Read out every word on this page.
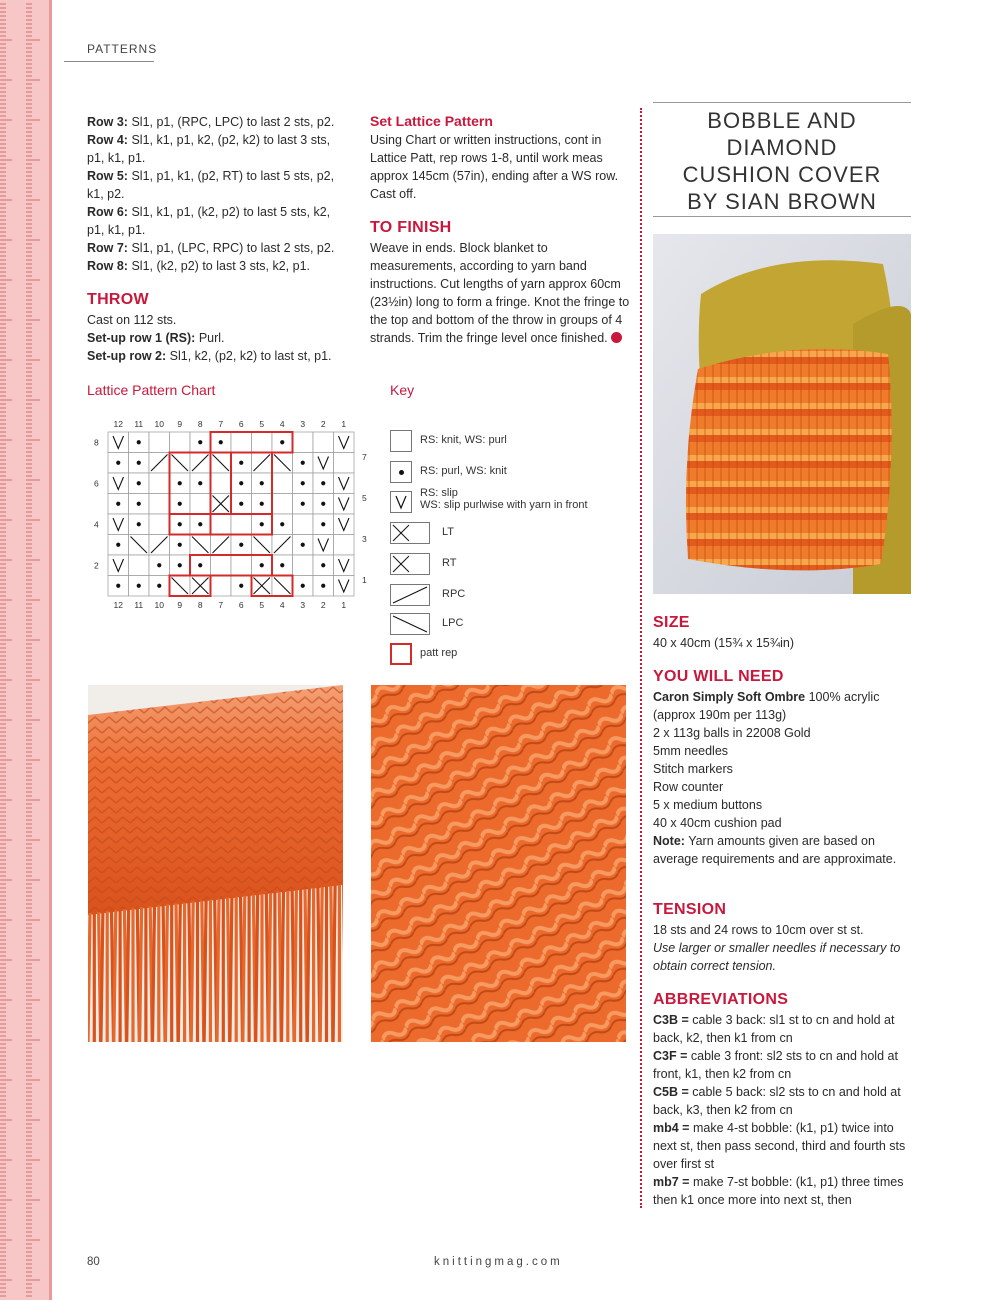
PATTERNS

Row 3: Sl1, p1, (RPC, LPC) to last 2 sts, p2.

Row 4: Sl1, k1, p1, k2, (p2, k2) to last 3 sts, p1, k1, p1.

Row 5: Sl1, p1, k1, (p2, RT) to last 5 sts, p2, k1, p2.

Row 6: Sl1, k1, p1, (k2, p2) to last 5 sts, k2, p1, k1, p1.

Row 7: Sl1, p1, (LPC, RPC) to last 2 sts, p2.

Row 8: Sl1, (k2, p2) to last 3 sts, k2, p1.

THROW

Cast on 112 sts.

Set-up row 1 (RS): Purl.

Set-up row 2: Sl1, k2, (p2, k2) to last st, p1.

Set Lattice Pattern
Using Chart or written instructions, cont in Lattice Patt, rep rows 1-8, until work meas approx 145cm (57in), ending after a WS row. Cast off.
TO FINISH
Weave in ends. Block blanket to measurements, according to yarn band instructions. Cut lengths of yarn approx 60cm (23½in) long to form a fringe. Knot the fringe to the top and bottom of the throw in groups of 4 strands. Trim the fringe level once finished.
Lattice Pattern Chart
12
12
11
11
10
10
9
9
8
8
7
7
6
6
5
5
4
4
3
3
2
2
1
1
8
6
4
2
7
5
3
1
Key
RS: knit, WS: purl
RS: purl, WS: knit
RS: slip
WS: slip purlwise with yarn in front
LT
RT
RPC
LPC
patt rep
BOBBLE AND
DIAMOND
CUSHION COVER
BY SIAN BROWN
SIZE
40 x 40cm (15¾ x 15¾in)
YOU WILL NEED

Caron Simply Soft Ombre 100% acrylic

(approx 190m per 113g)

2 x 113g balls in 22008 Gold

5mm needles

Stitch markers

Row counter

5 x medium buttons

40 x 40cm cushion pad

Note: Yarn amounts given are based on average requirements and are approximate.

TENSION

18 sts and 24 rows to 10cm over st st.

Use larger or smaller needles if necessary to obtain correct tension.

ABBREVIATIONS

C3B = cable 3 back: sl1 st to cn and hold at back, k2, then k1 from cn

C3F = cable 3 front: sl2 sts to cn and hold at front, k1, then k2 from cn

C5B = cable 5 back: sl2 sts to cn and hold at back, k3, then k2 from cn

mb4 = make 4-st bobble: (k1, p1) twice into next st, then pass second, third and fourth sts over first st

mb7 = make 7-st bobble: (k1, p1) three times then k1 once more into next st, then

80	knittingmag.com
